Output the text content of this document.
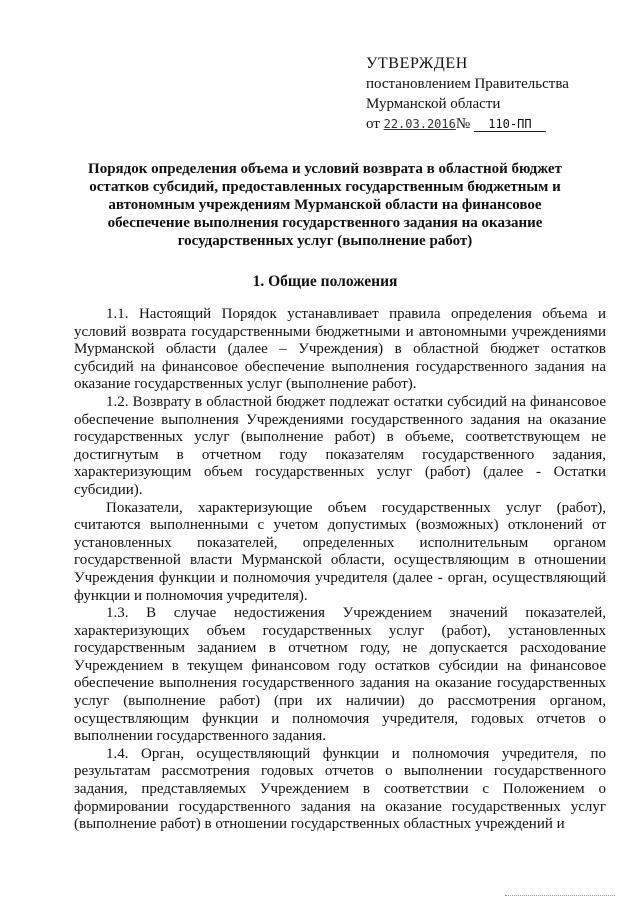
УТВЕРЖДЕН
постановлением Правительства
Мурманской области
от 22.03.2016№ 110-ПП
Порядок определения объема и условий возврата в областной бюджет остатков субсидий, предоставленных государственным бюджетным и автономным учреждениям Мурманской области на финансовое обеспечение выполнения государственного задания на оказание государственных услуг (выполнение работ)
1. Общие положения

1.1. Настоящий Порядок устанавливает правила определения объема и условий возврата государственными бюджетными и автономными учреждениями Мурманской области (далее – Учреждения) в областной бюджет остатков субсидий на финансовое обеспечение выполнения государственного задания на оказание государственных услуг (выполнение работ).

1.2. Возврату в областной бюджет подлежат остатки субсидий на финансовое обеспечение выполнения Учреждениями государственного задания на оказание государственных услуг (выполнение работ) в объеме, соответствующем не достигнутым в отчетном году показателям государственного задания, характеризующим объем государственных услуг (работ) (далее - Остатки субсидии).

Показатели, характеризующие объем государственных услуг (работ), считаются выполненными с учетом допустимых (возможных) отклонений от установленных показателей, определенных исполнительным органом государственной власти Мурманской области, осуществляющим в отношении Учреждения функции и полномочия учредителя (далее - орган, осуществляющий функции и полномочия учредителя).

1.3. В случае недостижения Учреждением значений показателей, характеризующих объем государственных услуг (работ), установленных государственным заданием в отчетном году, не допускается расходование Учреждением в текущем финансовом году остатков субсидии на финансовое обеспечение выполнения государственного задания на оказание государственных услуг (выполнение работ) (при их наличии) до рассмотрения органом, осуществляющим функции и полномочия учредителя, годовых отчетов о выполнении государственного задания.

1.4. Орган, осуществляющий функции и полномочия учредителя, по результатам рассмотрения годовых отчетов о выполнении государственного задания, представляемых Учреждением в соответствии с Положением о формировании государственного задания на оказание государственных услуг (выполнение работ) в отношении государственных областных учреждений и
